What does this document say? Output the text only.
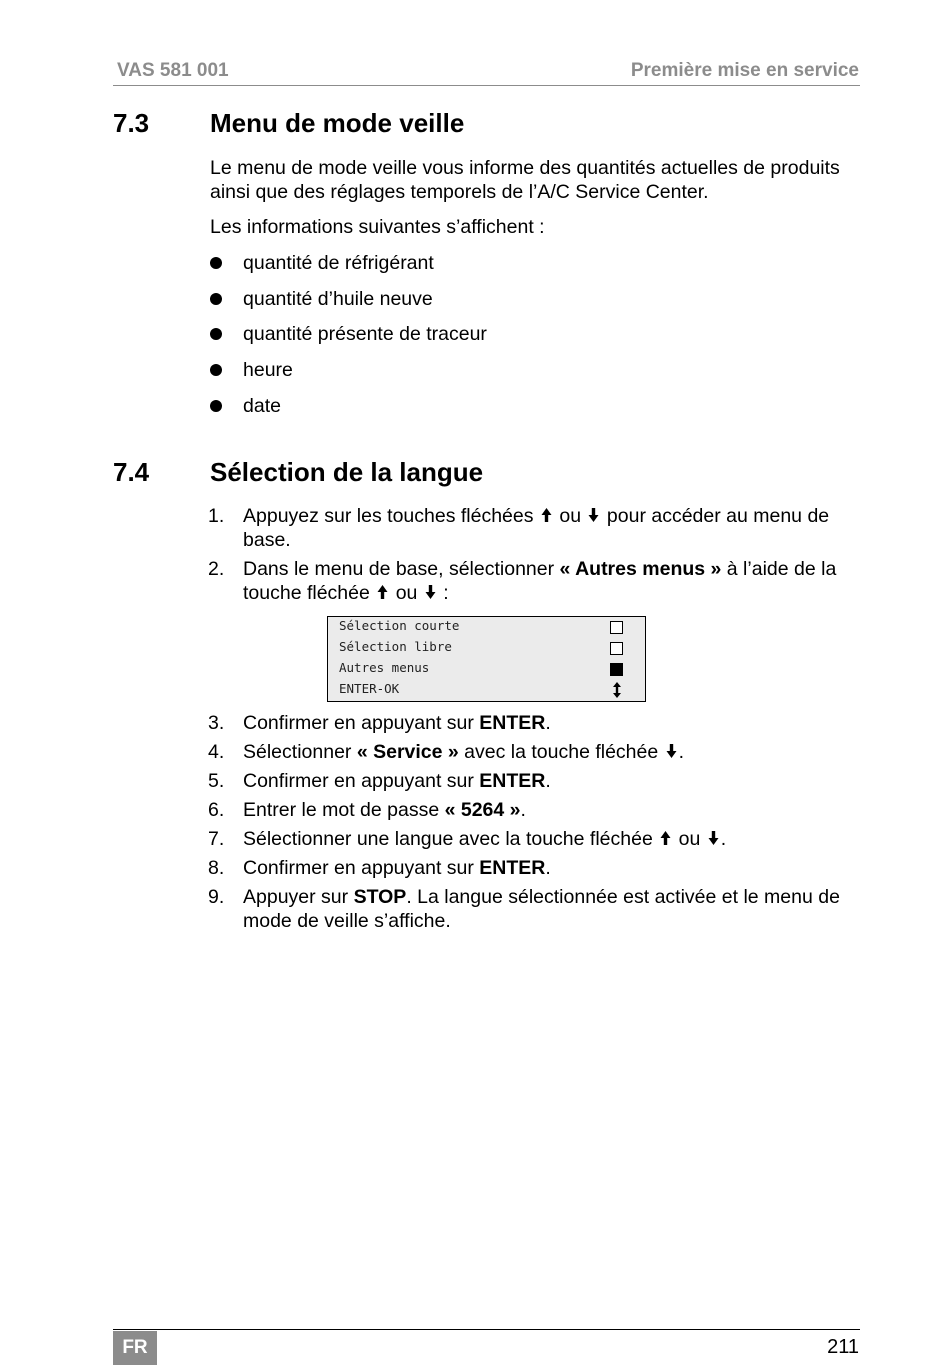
VAS 581 001	Première mise en service
7.3 Menu de mode veille
Le menu de mode veille vous informe des quantités actuelles de produits ainsi que des réglages temporels de l’A/C Service Center.
Les informations suivantes s’affichent :
quantité de réfrigérant
quantité d’huile neuve
quantité présente de traceur
heure
date
7.4 Sélection de la langue
1. Appuyez sur les touches fléchées ou pour accéder au menu de base.
2. Dans le menu de base, sélectionner « Autres menus » à l’aide de la touche fléchée ou :
Sélection courte
Sélection libre
Autres menus
ENTER-OK
3. Confirmer en appuyant sur ENTER.
4. Sélectionner « Service » avec la touche fléchée .
5. Confirmer en appuyant sur ENTER.
6. Entrer le mot de passe « 5264 ».
7. Sélectionner une langue avec la touche fléchée ou .
8. Confirmer en appuyant sur ENTER.
9. Appuyer sur STOP. La langue sélectionnée est activée et le menu de mode de veille s’affiche.
FR	211
